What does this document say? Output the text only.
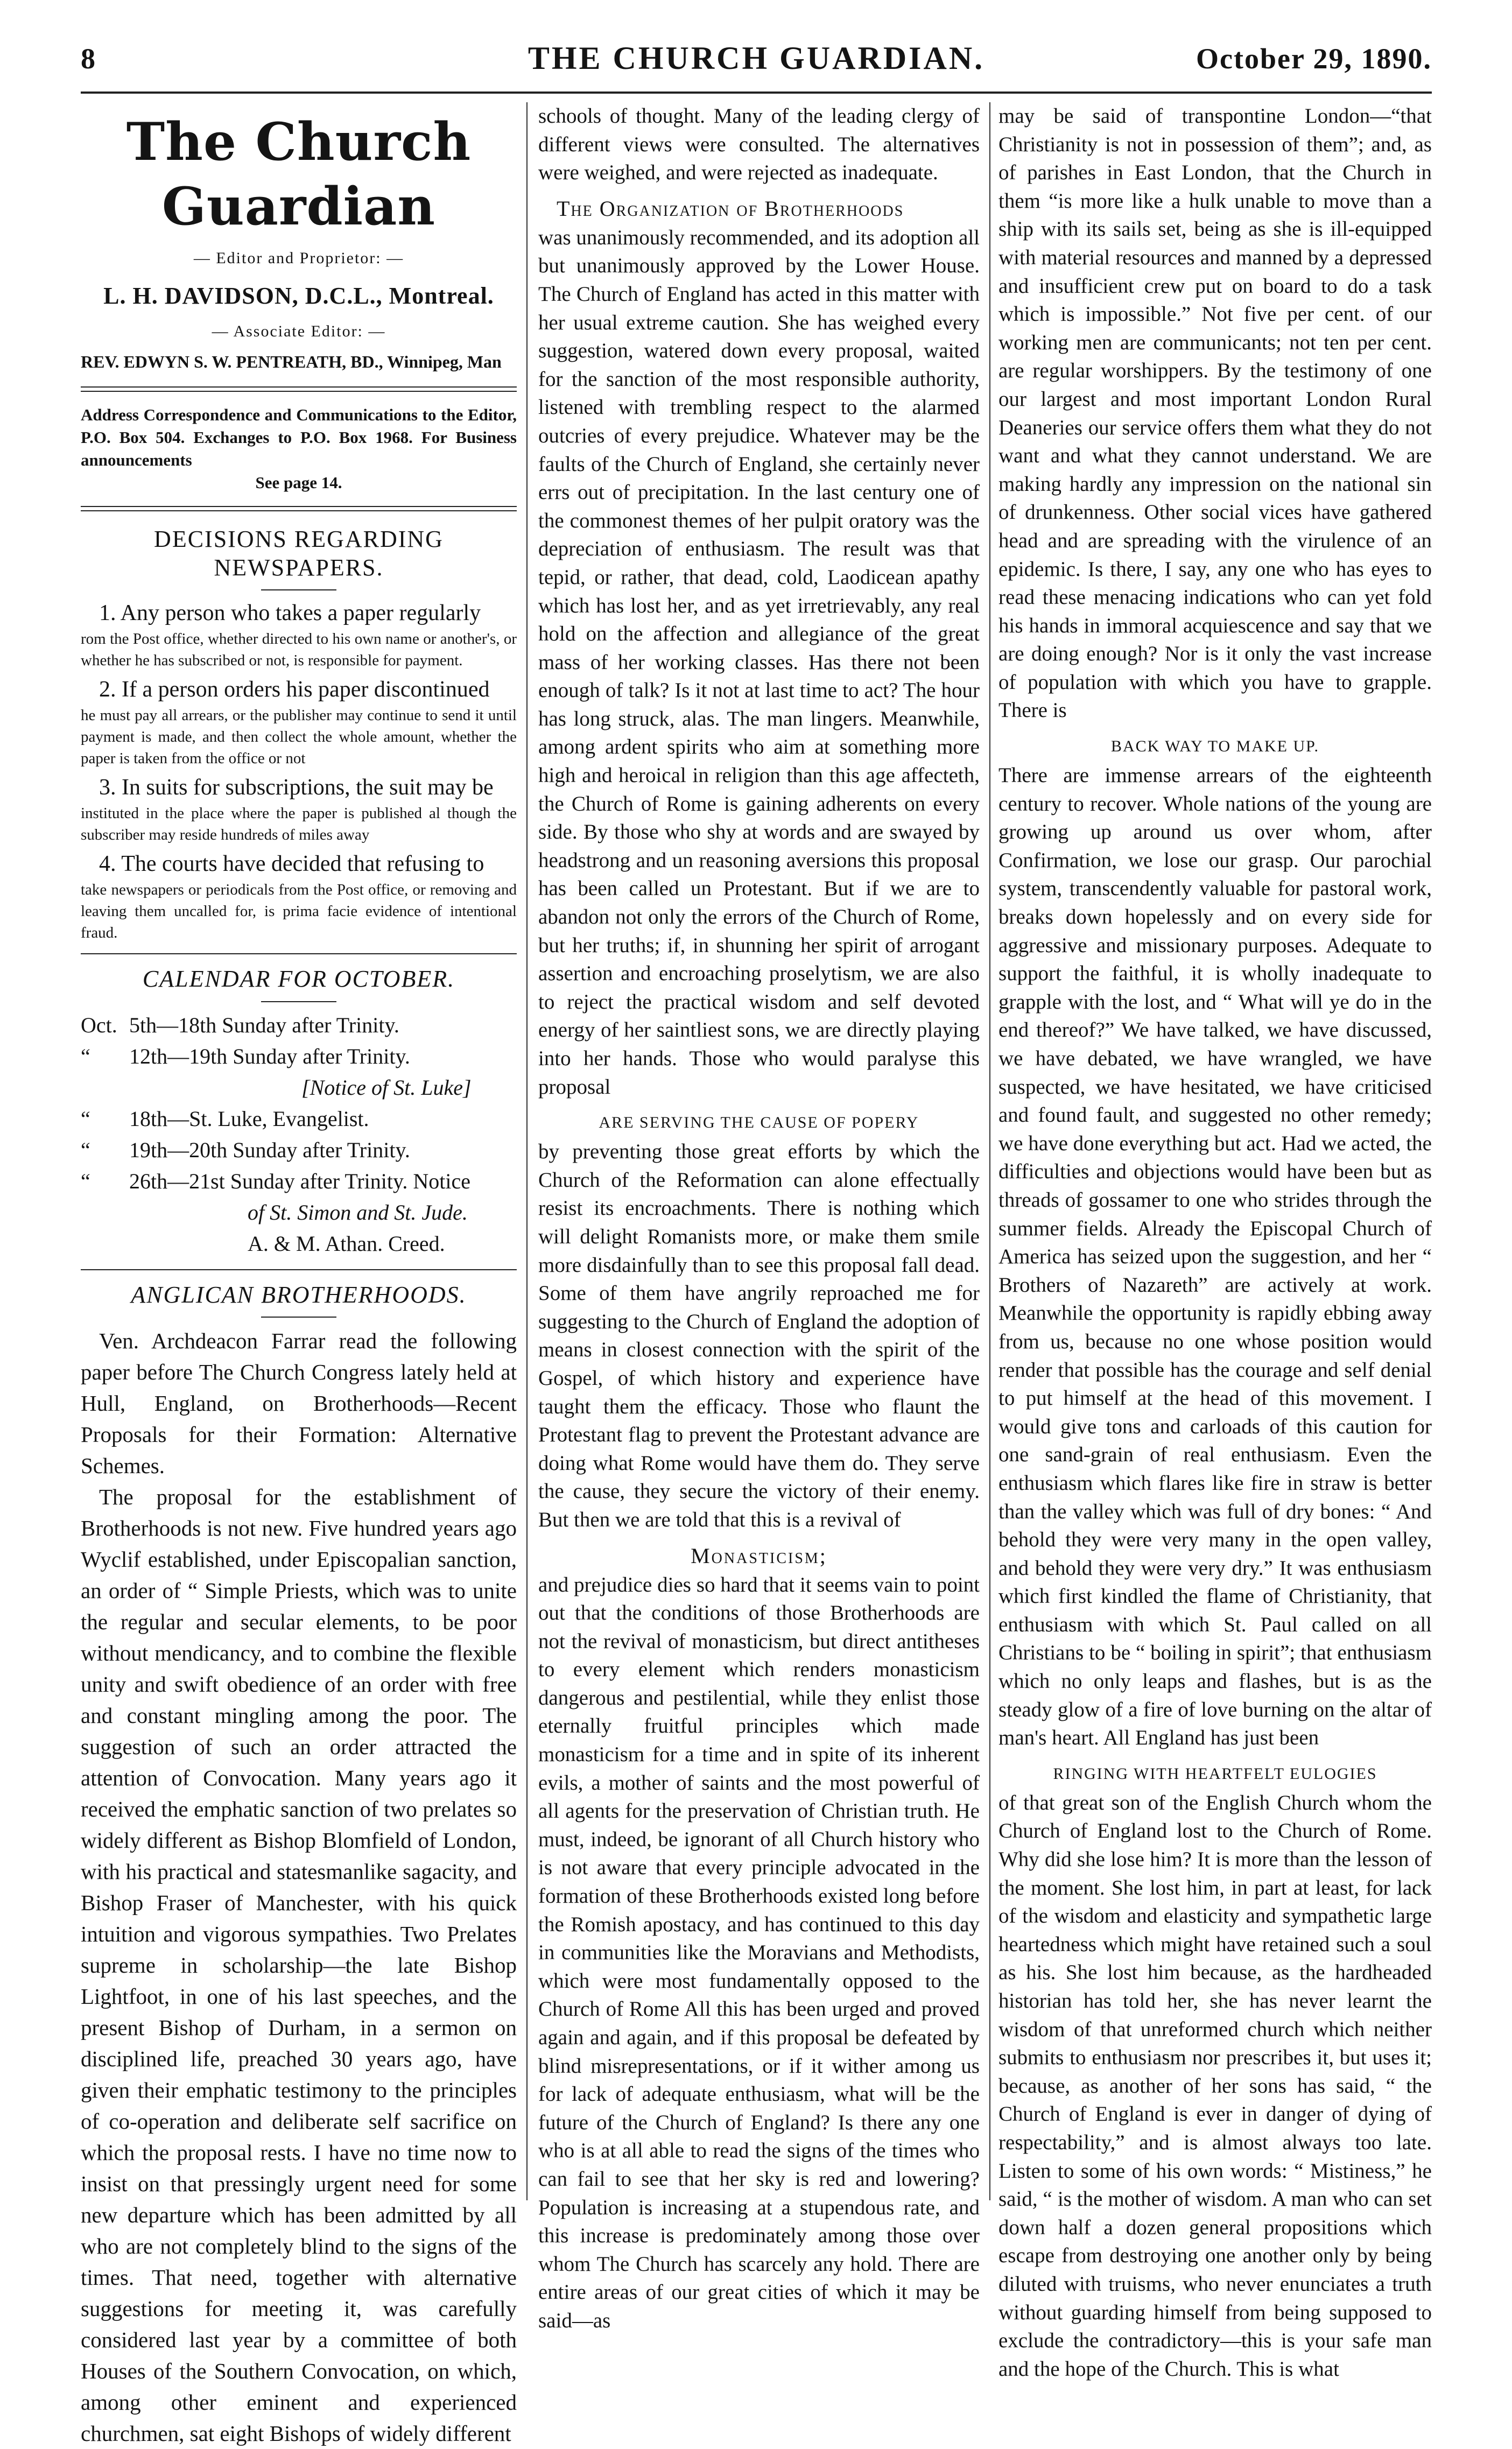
8	THE CHURCH GUARDIAN.	October 29, 1890.
The Church Guardian
— Editor and Proprietor: —
L. H. DAVIDSON, D.C.L., Montreal.
— Associate Editor: —
REV. EDWYN S. W. PENTREATH, BD., Winnipeg, Man
Address Correspondence and Communications to the Editor, P.O. Box 504. Exchanges to P.O. Box 1968. For Business announcements
See page 14.
DECISIONS REGARDING NEWSPAPERS.

1. Any person who takes a paper regularly

rom the Post office, whether directed to his own name or another's, or whether he has subscribed or not, is responsible for payment.

2. If a person orders his paper discontinued

he must pay all arrears, or the publisher may continue to send it until payment is made, and then collect the whole amount, whether the paper is taken from the office or not

3. In suits for subscriptions, the suit may be

instituted in the place where the paper is published al though the subscriber may reside hundreds of miles away

4. The courts have decided that refusing to

take newspapers or periodicals from the Post office, or removing and leaving them uncalled for, is prima facie evidence of intentional fraud.

CALENDAR FOR OCTOBER.
Oct. 5th—18th Sunday after Trinity.
“	12th—19th Sunday after Trinity.
[Notice of St. Luke]
“	18th—St. Luke, Evangelist.
“	19th—20th Sunday after Trinity.
“	26th—21st Sunday after Trinity. Notice
of St. Simon and St. Jude.
A. & M. Athan. Creed.
ANGLICAN BROTHERHOODS.

Ven. Archdeacon Farrar read the following paper before The Church Congress lately held at Hull, England, on Brotherhoods—Recent Proposals for their Formation: Alternative Schemes.

The proposal for the establishment of Brotherhoods is not new. Five hundred years ago Wyclif established, under Episcopalian sanction, an order of “ Simple Priests, which was to unite the regular and secular elements, to be poor without mendicancy, and to combine the flexible unity and swift obedience of an order with free and constant mingling among the poor. The suggestion of such an order attracted the attention of Convocation. Many years ago it received the emphatic sanction of two prelates so widely different as Bishop Blomfield of London, with his practical and statesmanlike sagacity, and Bishop Fraser of Manchester, with his quick intuition and vigorous sympathies. Two Prelates supreme in scholarship—the late Bishop Lightfoot, in one of his last speeches, and the present Bishop of Durham, in a sermon on disciplined life, preached 30 years ago, have given their emphatic testimony to the principles of co-operation and deliberate self sacrifice on which the proposal rests. I have no time now to insist on that pressingly urgent need for some new departure which has been admitted by all who are not completely blind to the signs of the times. That need, together with alternative suggestions for meeting it, was carefully considered last year by a committee of both Houses of the Southern Convocation, on which, among other eminent and experienced churchmen, sat eight Bishops of widely different

schools of thought. Many of the leading clergy of different views were consulted. The alternatives were weighed, and were rejected as inadequate.

The Organization of Brotherhoods

was unanimously recommended, and its adoption all but unanimously approved by the Lower House. The Church of England has acted in this matter with her usual extreme caution. She has weighed every suggestion, watered down every proposal, waited for the sanction of the most responsible authority, listened with trembling respect to the alarmed outcries of every prejudice. Whatever may be the faults of the Church of England, she certainly never errs out of precipitation. In the last century one of the commonest themes of her pulpit oratory was the depreciation of enthusiasm. The result was that tepid, or rather, that dead, cold, Laodicean apathy which has lost her, and as yet irretrievably, any real hold on the affection and allegiance of the great mass of her working classes. Has there not been enough of talk? Is it not at last time to act? The hour has long struck, alas. The man lingers. Meanwhile, among ardent spirits who aim at something more high and heroical in religion than this age affecteth, the Church of Rome is gaining adherents on every side. By those who shy at words and are swayed by headstrong and un reasoning aversions this proposal has been called un Protestant. But if we are to abandon not only the errors of the Church of Rome, but her truths; if, in shunning her spirit of arrogant assertion and encroaching proselytism, we are also to reject the practical wisdom and self devoted energy of her saintliest sons, we are directly playing into her hands. Those who would paralyse this proposal

ARE SERVING THE CAUSE OF POPERY

by preventing those great efforts by which the Church of the Reformation can alone effectually resist its encroachments. There is nothing which will delight Romanists more, or make them smile more disdainfully than to see this proposal fall dead. Some of them have angrily reproached me for suggesting to the Church of England the adoption of means in closest connection with the spirit of the Gospel, of which history and experience have taught them the efficacy. Those who flaunt the Protestant flag to prevent the Protestant advance are doing what Rome would have them do. They serve the cause, they secure the victory of their enemy. But then we are told that this is a revival of

Monasticism;

and prejudice dies so hard that it seems vain to point out that the conditions of those Brotherhoods are not the revival of monasticism, but direct antitheses to every element which renders monasticism dangerous and pestilential, while they enlist those eternally fruitful principles which made monasticism for a time and in spite of its inherent evils, a mother of saints and the most powerful of all agents for the preservation of Christian truth. He must, indeed, be ignorant of all Church history who is not aware that every principle advocated in the formation of these Brotherhoods existed long before the Romish apostacy, and has continued to this day in communities like the Moravians and Methodists, which were most fundamentally opposed to the Church of Rome All this has been urged and proved again and again, and if this proposal be defeated by blind misrepresentations, or if it wither among us for lack of adequate enthusiasm, what will be the future of the Church of England? Is there any one who is at all able to read the signs of the times who can fail to see that her sky is red and lowering? Population is increasing at a stupendous rate, and this increase is predominately among those over whom The Church has scarcely any hold. There are entire areas of our great cities of which it may be said—as

may be said of transpontine London—“that Christianity is not in possession of them”; and, as of parishes in East London, that the Church in them “is more like a hulk unable to move than a ship with its sails set, being as she is ill-equipped with material resources and manned by a depressed and insufficient crew put on board to do a task which is impossible.” Not five per cent. of our working men are communicants; not ten per cent. are regular worshippers. By the testimony of one our largest and most important London Rural Deaneries our service offers them what they do not want and what they cannot understand. We are making hardly any impression on the national sin of drunkenness. Other social vices have gathered head and are spreading with the virulence of an epidemic. Is there, I say, any one who has eyes to read these menacing indications who can yet fold his hands in immoral acquiescence and say that we are doing enough? Nor is it only the vast increase of population with which you have to grapple. There is

BACK WAY TO MAKE UP.

There are immense arrears of the eighteenth century to recover. Whole nations of the young are growing up around us over whom, after Confirmation, we lose our grasp. Our parochial system, transcendently valuable for pastoral work, breaks down hopelessly and on every side for aggressive and missionary purposes. Adequate to support the faithful, it is wholly inadequate to grapple with the lost, and “ What will ye do in the end thereof?” We have talked, we have discussed, we have debated, we have wrangled, we have suspected, we have hesitated, we have criticised and found fault, and suggested no other remedy; we have done everything but act. Had we acted, the difficulties and objections would have been but as threads of gossamer to one who strides through the summer fields. Already the Episcopal Church of America has seized upon the suggestion, and her “ Brothers of Nazareth” are actively at work. Meanwhile the opportunity is rapidly ebbing away from us, because no one whose position would render that possible has the courage and self denial to put himself at the head of this movement. I would give tons and carloads of this caution for one sand-grain of real enthusiasm. Even the enthusiasm which flares like fire in straw is better than the valley which was full of dry bones: “ And behold they were very many in the open valley, and behold they were very dry.” It was enthusiasm which first kindled the flame of Christianity, that enthusiasm with which St. Paul called on all Christians to be “ boiling in spirit”; that enthusiasm which no only leaps and flashes, but is as the steady glow of a fire of love burning on the altar of man's heart. All England has just been

RINGING WITH HEARTFELT EULOGIES

of that great son of the English Church whom the Church of England lost to the Church of Rome. Why did she lose him? It is more than the lesson of the moment. She lost him, in part at least, for lack of the wisdom and elasticity and sympathetic large heartedness which might have retained such a soul as his. She lost him because, as the hardheaded historian has told her, she has never learnt the wisdom of that unreformed church which neither submits to enthusiasm nor prescribes it, but uses it; because, as another of her sons has said, “ the Church of England is ever in danger of dying of respectability,” and is almost always too late. Listen to some of his own words: “ Mistiness,” he said, “ is the mother of wisdom. A man who can set down half a dozen general propositions which escape from destroying one another only by being diluted with truisms, who never enunciates a truth without guarding himself from being supposed to exclude the contradictory—this is your safe man and the hope of the Church. This is what
